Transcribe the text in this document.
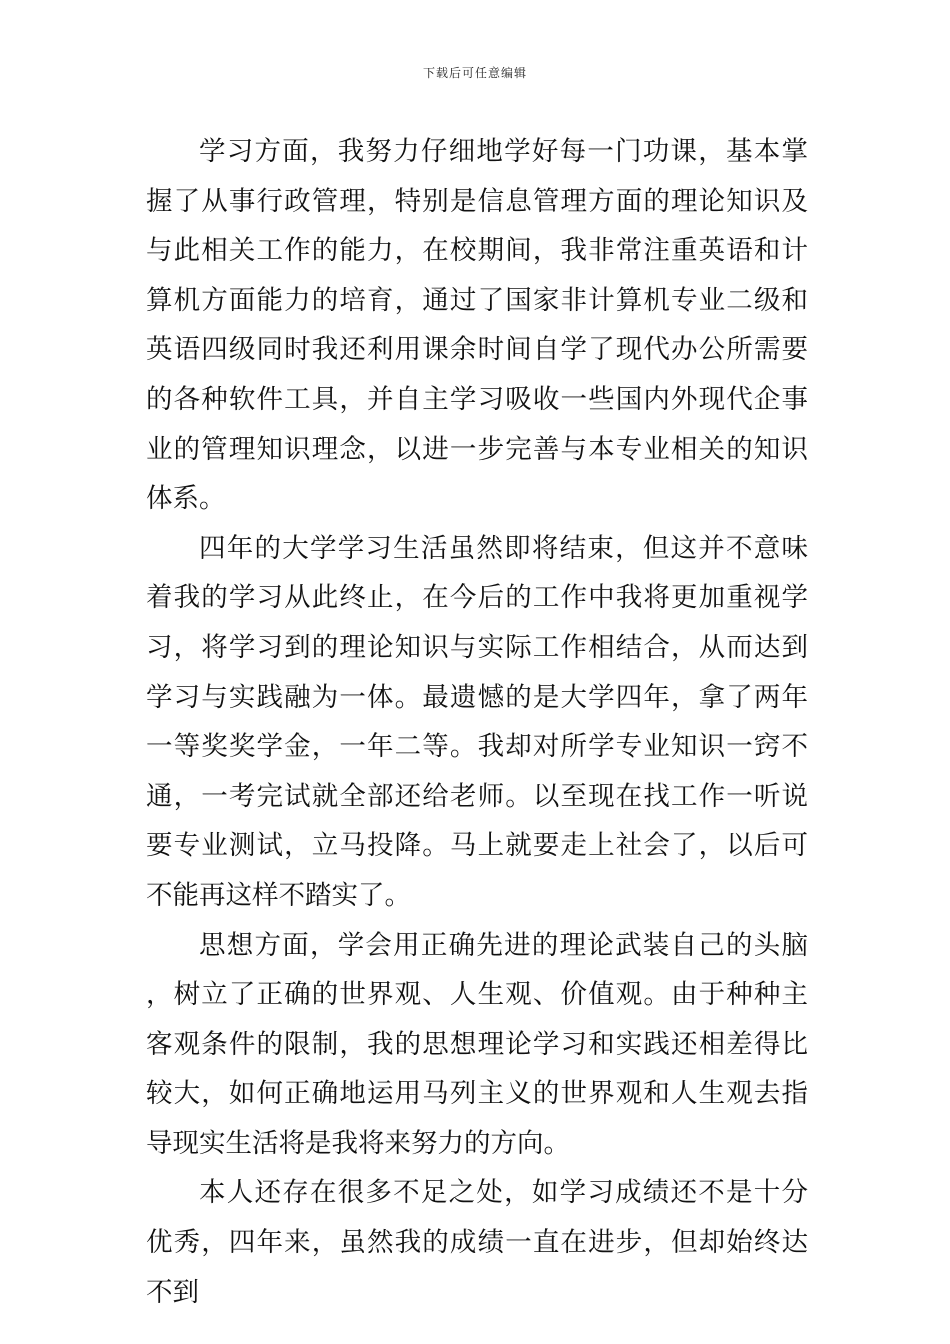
下载后可任意编辑

学习方面，我努力仔细地学好每一门功课，基本掌握了从事行政管理，特别是信息管理方面的理论知识及与此相关工作的能力，在校期间，我非常注重英语和计算机方面能力的培育，通过了国家非计算机专业二级和英语四级同时我还利用课余时间自学了现代办公所需要的各种软件工具，并自主学习吸收一些国内外现代企事业的管理知识理念，以进一步完善与本专业相关的知识体系。

四年的大学学习生活虽然即将结束，但这并不意味着我的学习从此终止，在今后的工作中我将更加重视学习，将学习到的理论知识与实际工作相结合，从而达到学习与实践融为一体。最遗憾的是大学四年，拿了两年一等奖奖学金，一年二等。我却对所学专业知识一窍不通，一考完试就全部还给老师。以至现在找工作一听说要专业测试，立马投降。马上就要走上社会了，以后可不能再这样不踏实了。

思想方面，学会用正确先进的理论武装自己的头脑，树立了正确的世界观、人生观、价值观。由于种种主客观条件的限制，我的思想理论学习和实践还相差得比较大，如何正确地运用马列主义的世界观和人生观去指导现实生活将是我将来努力的方向。

本人还存在很多不足之处，如学习成绩还不是十分优秀，四年来，虽然我的成绩一直在进步，但却始终达不到
